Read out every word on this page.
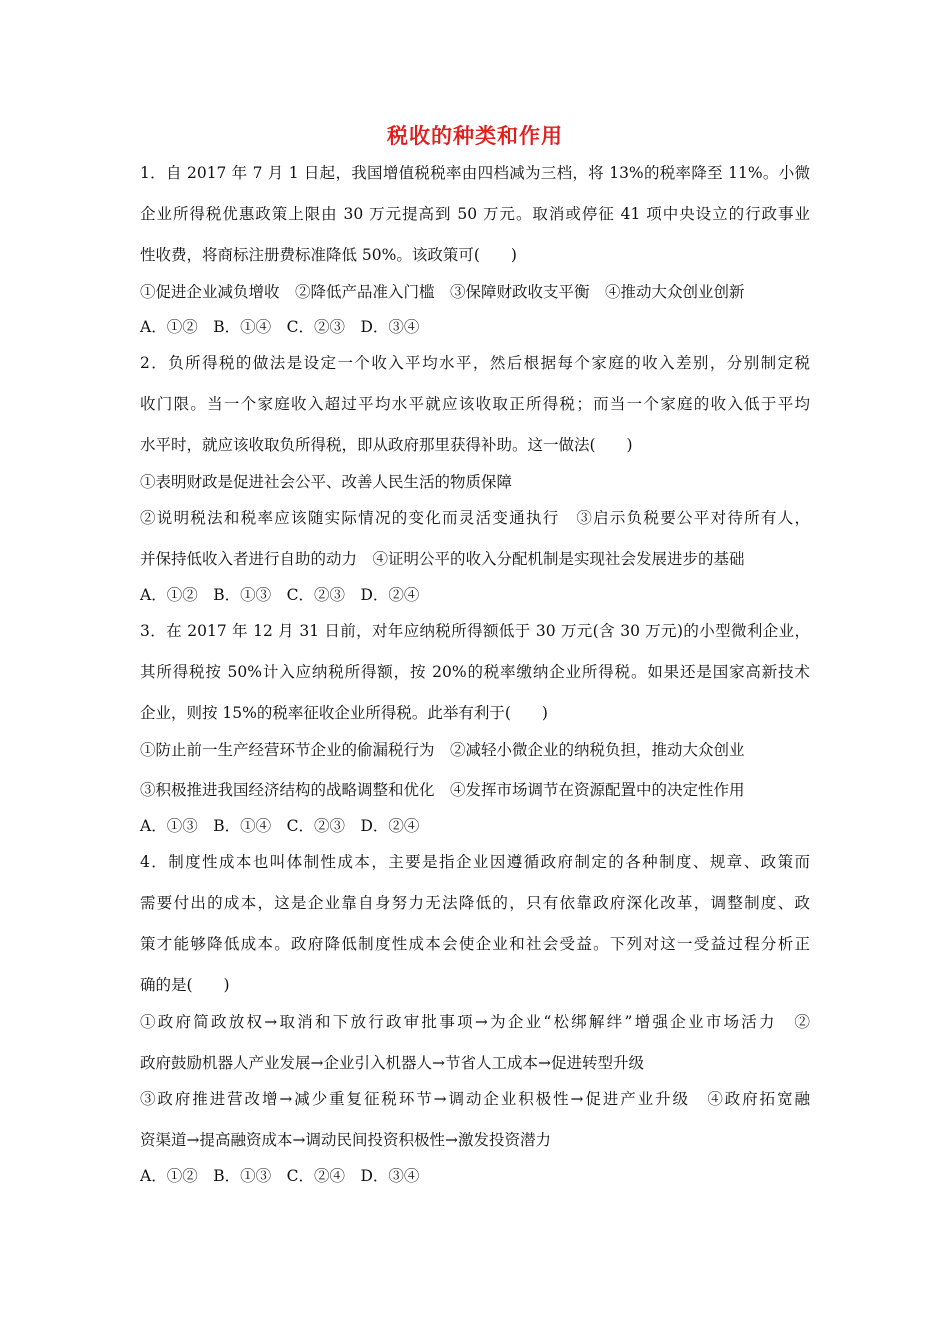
税收的种类和作用
1．自 2017 年 7 月 1 日起，我国增值税税率由四档减为三档，将 13%的税率降至 11%。小微
企业所得税优惠政策上限由 30 万元提高到 50 万元。取消或停征 41 项中央设立的行政事业
性收费，将商标注册费标准降低 50%。该政策可(　　)
①促进企业减负增收　②降低产品准入门槛　③保障财政收支平衡　④推动大众创业创新
A．①②　B．①④　C．②③　D．③④
2．负所得税的做法是设定一个收入平均水平，然后根据每个家庭的收入差别，分别制定税
收门限。当一个家庭收入超过平均水平就应该收取正所得税；而当一个家庭的收入低于平均
水平时，就应该收取负所得税，即从政府那里获得补助。这一做法(　　)
①表明财政是促进社会公平、改善人民生活的物质保障
②说明税法和税率应该随实际情况的变化而灵活变通执行　③启示负税要公平对待所有人，
并保持低收入者进行自助的动力　④证明公平的收入分配机制是实现社会发展进步的基础
A．①②　B．①③　C．②③　D．②④
3．在 2017 年 12 月 31 日前，对年应纳税所得额低于 30 万元(含 30 万元)的小型微利企业，
其所得税按 50%计入应纳税所得额，按 20%的税率缴纳企业所得税。如果还是国家高新技术
企业，则按 15%的税率征收企业所得税。此举有利于(　　)
①防止前一生产经营环节企业的偷漏税行为　②减轻小微企业的纳税负担，推动大众创业
③积极推进我国经济结构的战略调整和优化　④发挥市场调节在资源配置中的决定性作用
A．①③　B．①④　C．②③　D．②④
4．制度性成本也叫体制性成本，主要是指企业因遵循政府制定的各种制度、规章、政策而
需要付出的成本，这是企业靠自身努力无法降低的，只有依靠政府深化改革，调整制度、政
策才能够降低成本。政府降低制度性成本会使企业和社会受益。下列对这一受益过程分析正
确的是(　　)
①政府简政放权→取消和下放行政审批事项→为企业“松绑解绊”增强企业市场活力　②
政府鼓励机器人产业发展→企业引入机器人→节省人工成本→促进转型升级
③政府推进营改增→减少重复征税环节→调动企业积极性→促进产业升级　④政府拓宽融
资渠道→提高融资成本→调动民间投资积极性→激发投资潜力
A．①②　B．①③　C．②④　D．③④
